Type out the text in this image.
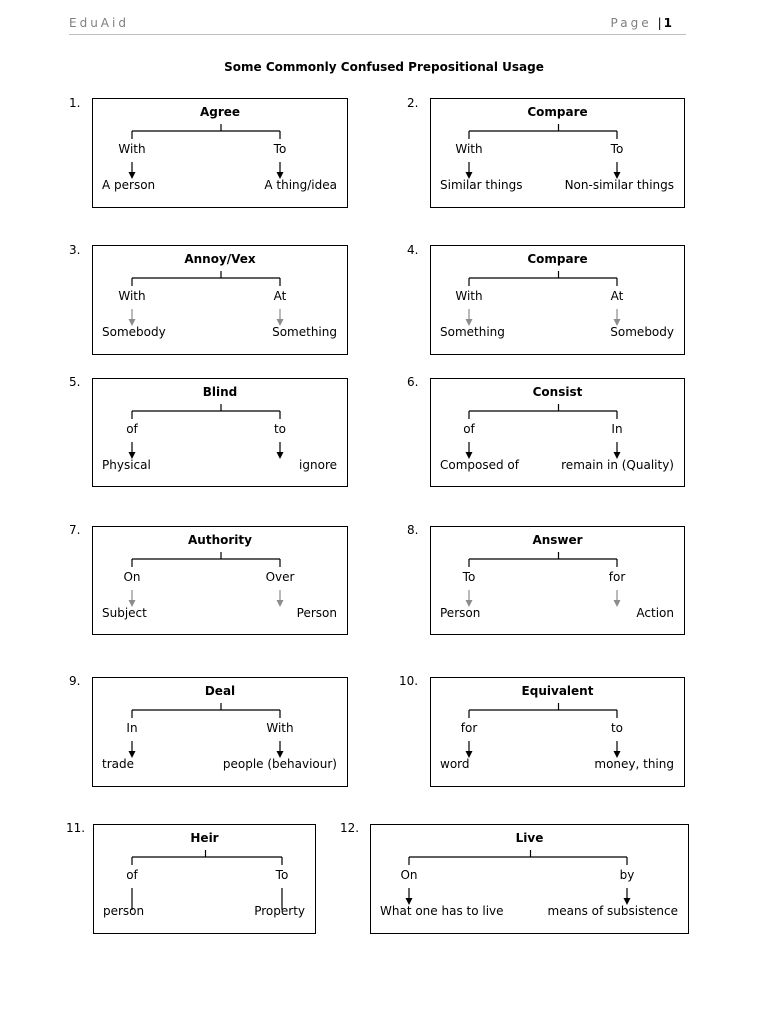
EduAid	Page | 1
Some Commonly Confused Prepositional Usage
1.
Agree
With	To
A person	A thing/idea
2.
Compare
With	To
Similar things	Non-similar things
3.
Annoy/Vex
With	At
Somebody	Something
4.
Compare
With	At
Something	Somebody
5.
Blind
of	to
Physical	ignore
6.
Consist
of	In
Composed of	remain in (Quality)
7.
Authority
On	Over
Subject	Person
8.
Answer
To	for
Person	Action
9.
Deal
In	With
trade	people (behaviour)
10.
Equivalent
for	to
word	money, thing
11.
Heir
of	To
person	Property
12.
Live
On	by
What one has to live	means of subsistence
